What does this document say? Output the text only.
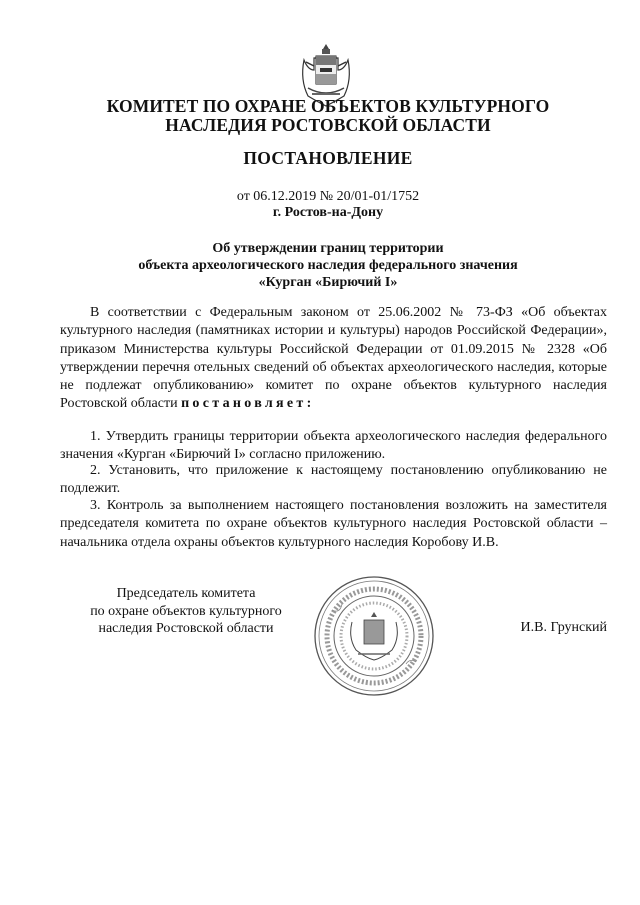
КОМИТЕТ ПО ОХРАНЕ ОБЪЕКТОВ КУЛЬТУРНОГО
НАСЛЕДИЯ РОСТОВСКОЙ ОБЛАСТИ
ПОСТАНОВЛЕНИЕ
от 06.12.2019 № 20/01-01/1752
г. Ростов-на-Дону
Об утверждении границ территории
объекта археологического наследия федерального значения
«Курган «Бирючий I»
В соответствии с Федеральным законом от 25.06.2002 № 73-ФЗ «Об объектах культурного наследия (памятниках истории и культуры) народов Российской Федерации», приказом Министерства культуры Российской Федерации от 01.09.2015 № 2328 «Об утверждении перечня отельных сведений об объектах археологического наследия, которые не подлежат опубликованию» комитет по охране объектов культурного наследия Ростовской области постановляет:
1. Утвердить границы территории объекта археологического наследия федерального значения «Курган «Бирючий I» согласно приложению.
2. Установить, что приложение к настоящему постановлению опубликованию не подлежит.
3. Контроль за выполнением настоящего постановления возложить на заместителя председателя комитета по охране объектов культурного наследия Ростовской области – начальника отдела охраны объектов культурного наследия Коробову И.В.
Председатель комитета
по охране объектов культурного
наследия Ростовской области	И.В. Грунский
